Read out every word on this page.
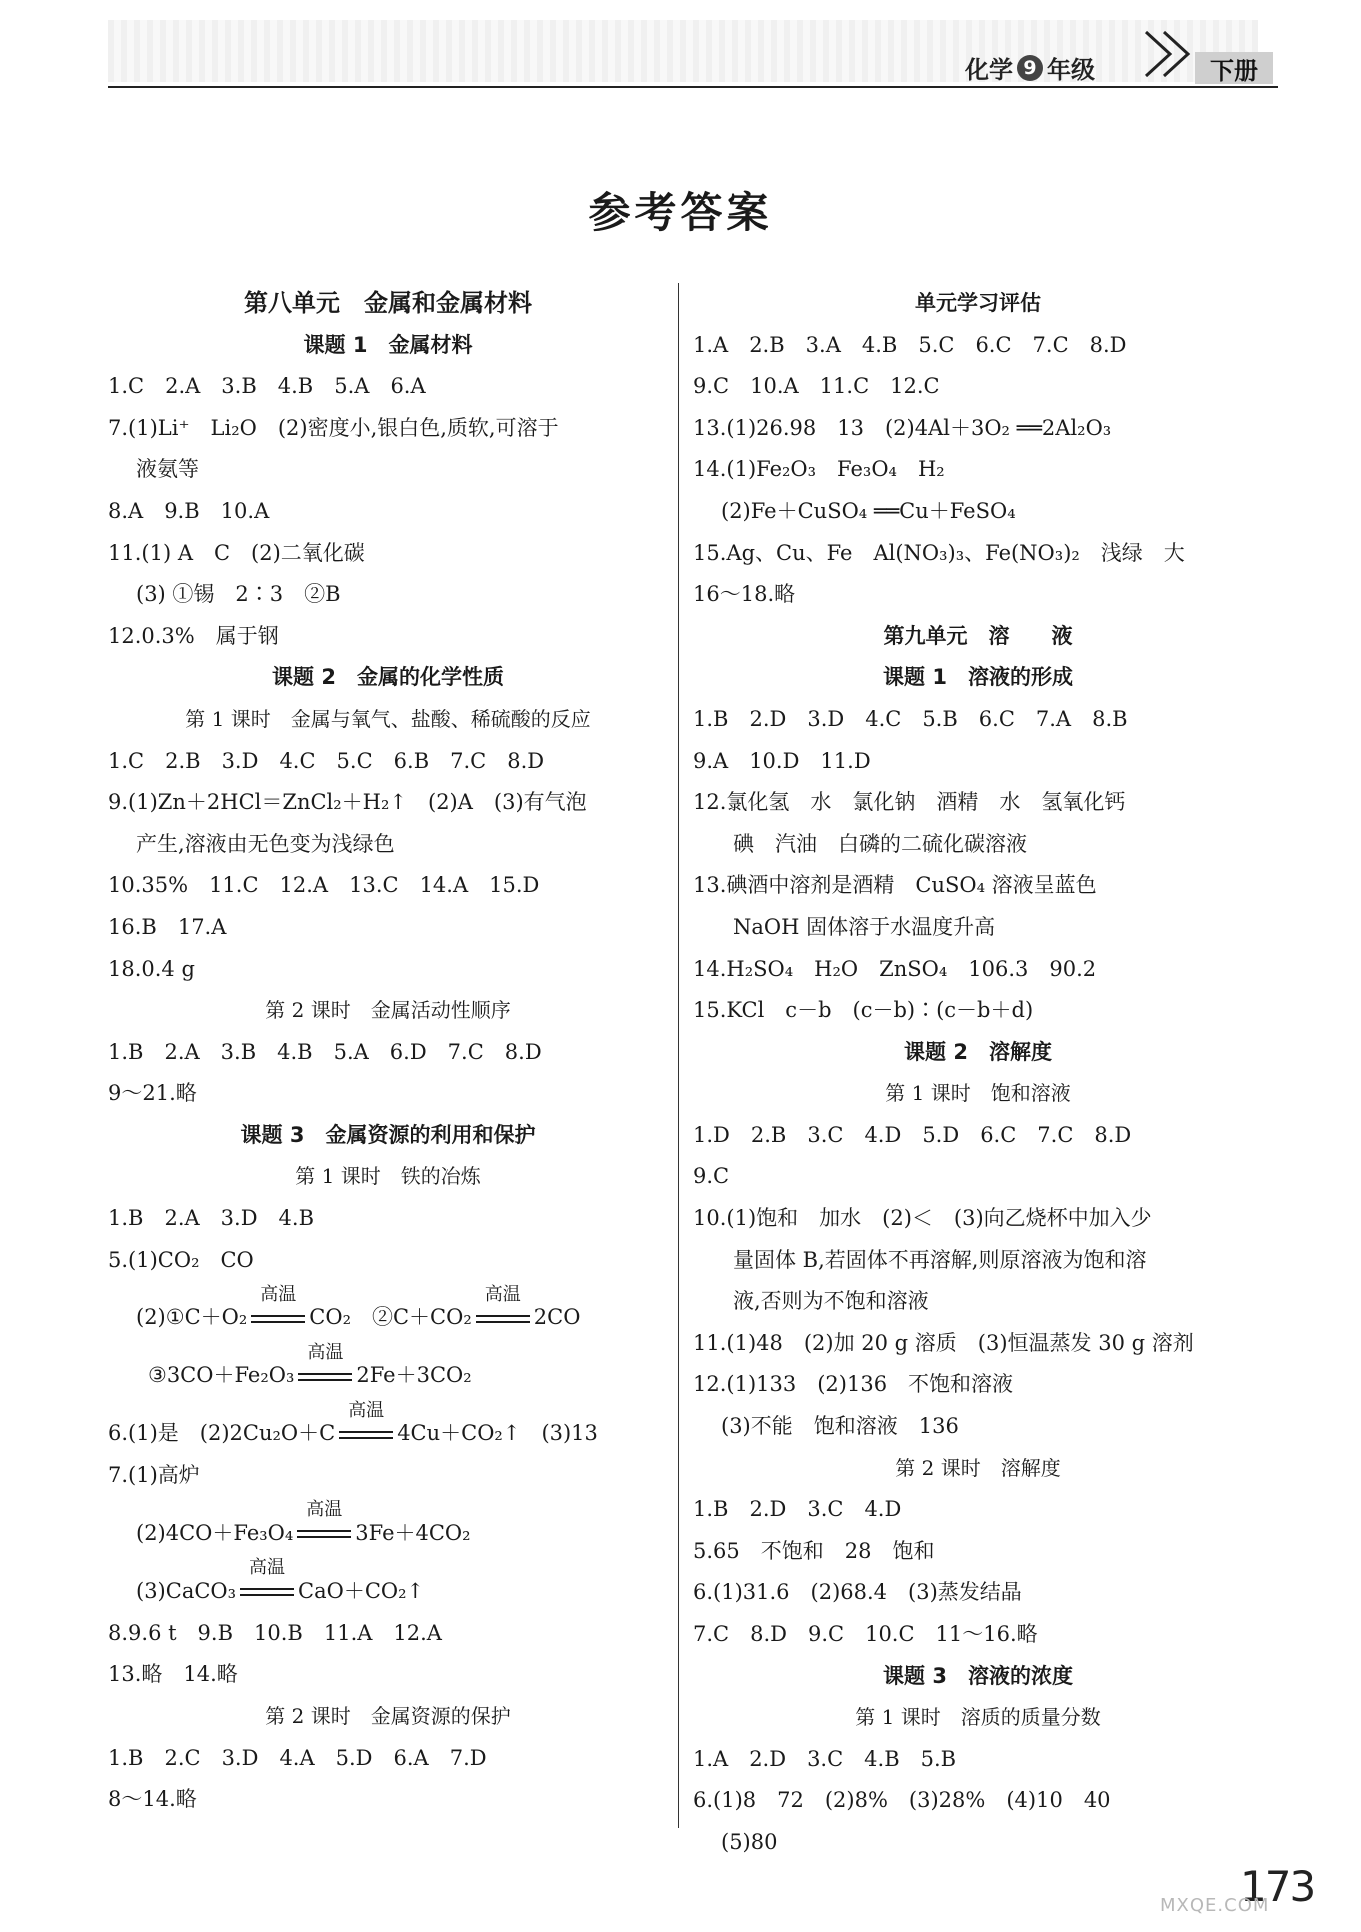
化学 9 年级	下册
参考答案
第八单元　金属和金属材料
课题 1　金属材料
1.C　2.A　3.B　4.B　5.A　6.A
7.(1)Li⁺　Li₂O　(2)密度小,银白色,质软,可溶于
液氨等
8.A　9.B　10.A
11.(1) A　C　(2)二氧化碳
(3) ①锡　2∶3　②B
12.0.3%　属于钢
课题 2　金属的化学性质
第 1 课时　金属与氧气、盐酸、稀硫酸的反应
1.C　2.B　3.D　4.C　5.C　6.B　7.C　8.D
9.(1)Zn＋2HCl＝ZnCl₂＋H₂↑　(2)A　(3)有气泡
产生,溶液由无色变为浅绿色
10.35%　11.C　12.A　13.C　14.A　15.D
16.B　17.A
18.0.4 g
第 2 课时　金属活动性顺序
1.B　2.A　3.B　4.B　5.A　6.D　7.C　8.D
9～21.略
课题 3　金属资源的利用和保护
第 1 课时　铁的冶炼
1.B　2.A　3.D　4.B
5.(1)CO₂　CO
(2)①C＋O₂
高温
CO₂　②C＋CO₂
高温
2CO
③3CO＋Fe₂O₃
高温
2Fe＋3CO₂
6.(1)是　(2)2Cu₂O＋C
高温
4Cu＋CO₂↑　(3)13
7.(1)高炉
(2)4CO＋Fe₃O₄
高温
3Fe＋4CO₂
(3)CaCO₃
高温
CaO＋CO₂↑
8.9.6 t　9.B　10.B　11.A　12.A
13.略　14.略
第 2 课时　金属资源的保护
1.B　2.C　3.D　4.A　5.D　6.A　7.D
8～14.略
单元学习评估
1.A　2.B　3.A　4.B　5.C　6.C　7.C　8.D
9.C　10.A　11.C　12.C
13.(1)26.98　13　(2)4Al＋3O₂ ══2Al₂O₃
14.(1)Fe₂O₃　Fe₃O₄　H₂
(2)Fe＋CuSO₄ ══Cu＋FeSO₄
15.Ag、Cu、Fe　Al(NO₃)₃、Fe(NO₃)₂　浅绿　大
16～18.略
第九单元　溶　　液
课题 1　溶液的形成
1.B　2.D　3.D　4.C　5.B　6.C　7.A　8.B
9.A　10.D　11.D
12.氯化氢　水　氯化钠　酒精　水　氢氧化钙
碘　汽油　白磷的二硫化碳溶液
13.碘酒中溶剂是酒精　CuSO₄ 溶液呈蓝色
NaOH 固体溶于水温度升高
14.H₂SO₄　H₂O　ZnSO₄　106.3　90.2
15.KCl　c－b　(c－b)∶(c－b＋d)
课题 2　溶解度
第 1 课时　饱和溶液
1.D　2.B　3.C　4.D　5.D　6.C　7.C　8.D
9.C
10.(1)饱和　加水　(2)＜　(3)向乙烧杯中加入少
量固体 B,若固体不再溶解,则原溶液为饱和溶
液,否则为不饱和溶液
11.(1)48　(2)加 20 g 溶质　(3)恒温蒸发 30 g 溶剂
12.(1)133　(2)136　不饱和溶液
(3)不能　饱和溶液　136
第 2 课时　溶解度
1.B　2.D　3.C　4.D
5.65　不饱和　28　饱和
6.(1)31.6　(2)68.4　(3)蒸发结晶
7.C　8.D　9.C　10.C　11～16.略
课题 3　溶液的浓度
第 1 课时　溶质的质量分数
1.A　2.D　3.C　4.B　5.B
6.(1)8　72　(2)8%　(3)28%　(4)10　40
(5)80
173
MXQE.COM
